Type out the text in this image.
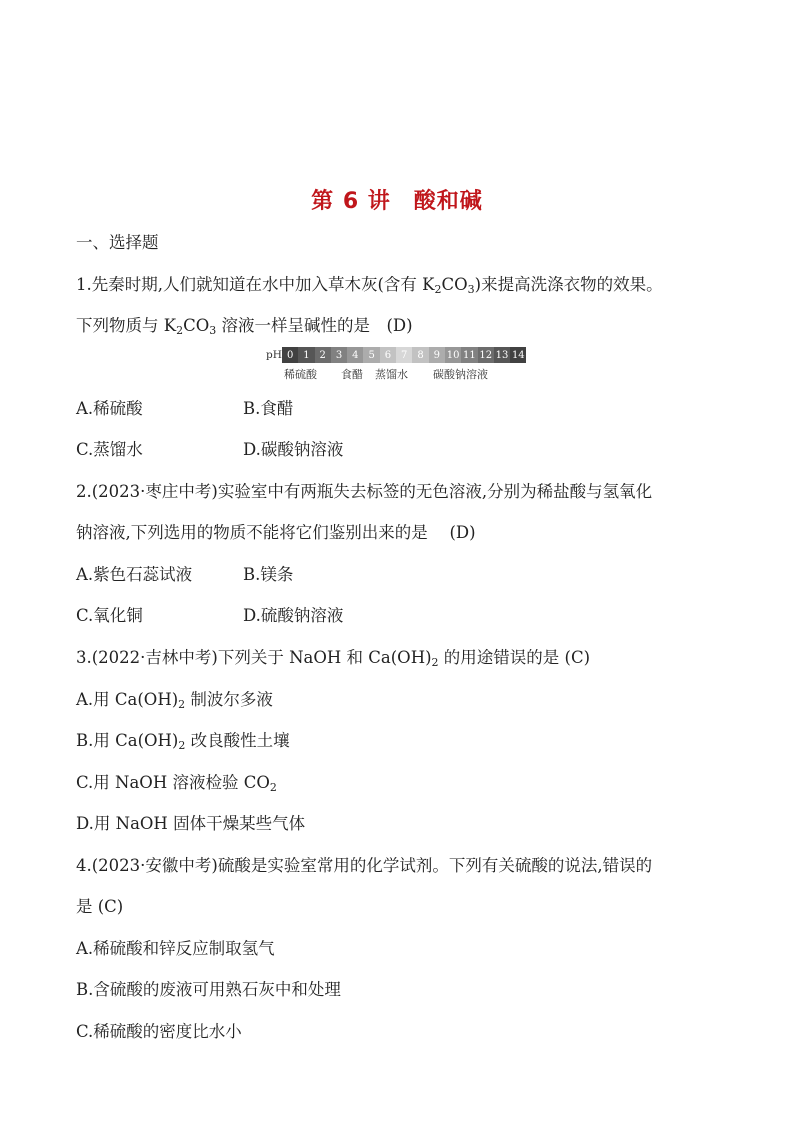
第 6 讲　酸和碱
一、选择题
1.先秦时期,人们就知道在水中加入草木灰(含有 $K_2CO_3$)来提高洗涤衣物的效果。
下列物质与 $K_2CO_3$ 溶液一样呈碱性的是　(D)
pH 0 1 2 3 4 5 6 7 8 9 10 11 12 13 14
稀硫酸 食醋 蒸馏水 碳酸钠溶液
A.稀硫酸	B.食醋
C.蒸馏水	D.碳酸钠溶液
2.(2023·枣庄中考)实验室中有两瓶失去标签的无色溶液,分别为稀盐酸与氢氧化
钠溶液,下列选用的物质不能将它们鉴别出来的是　 (D)
A.紫色石蕊试液	B.镁条
C.氧化铜	D.硫酸钠溶液
3.(2022·吉林中考)下列关于 NaOH 和 $Ca(OH)_2$ 的用途错误的是 (C)
A.用 $Ca(OH)_2$ 制波尔多液
B.用 $Ca(OH)_2$ 改良酸性土壤
C.用 NaOH 溶液检验 $CO_2$
D.用 NaOH 固体干燥某些气体
4.(2023·安徽中考)硫酸是实验室常用的化学试剂。下列有关硫酸的说法,错误的
是 (C)
A.稀硫酸和锌反应制取氢气
B.含硫酸的废液可用熟石灰中和处理
C.稀硫酸的密度比水小
